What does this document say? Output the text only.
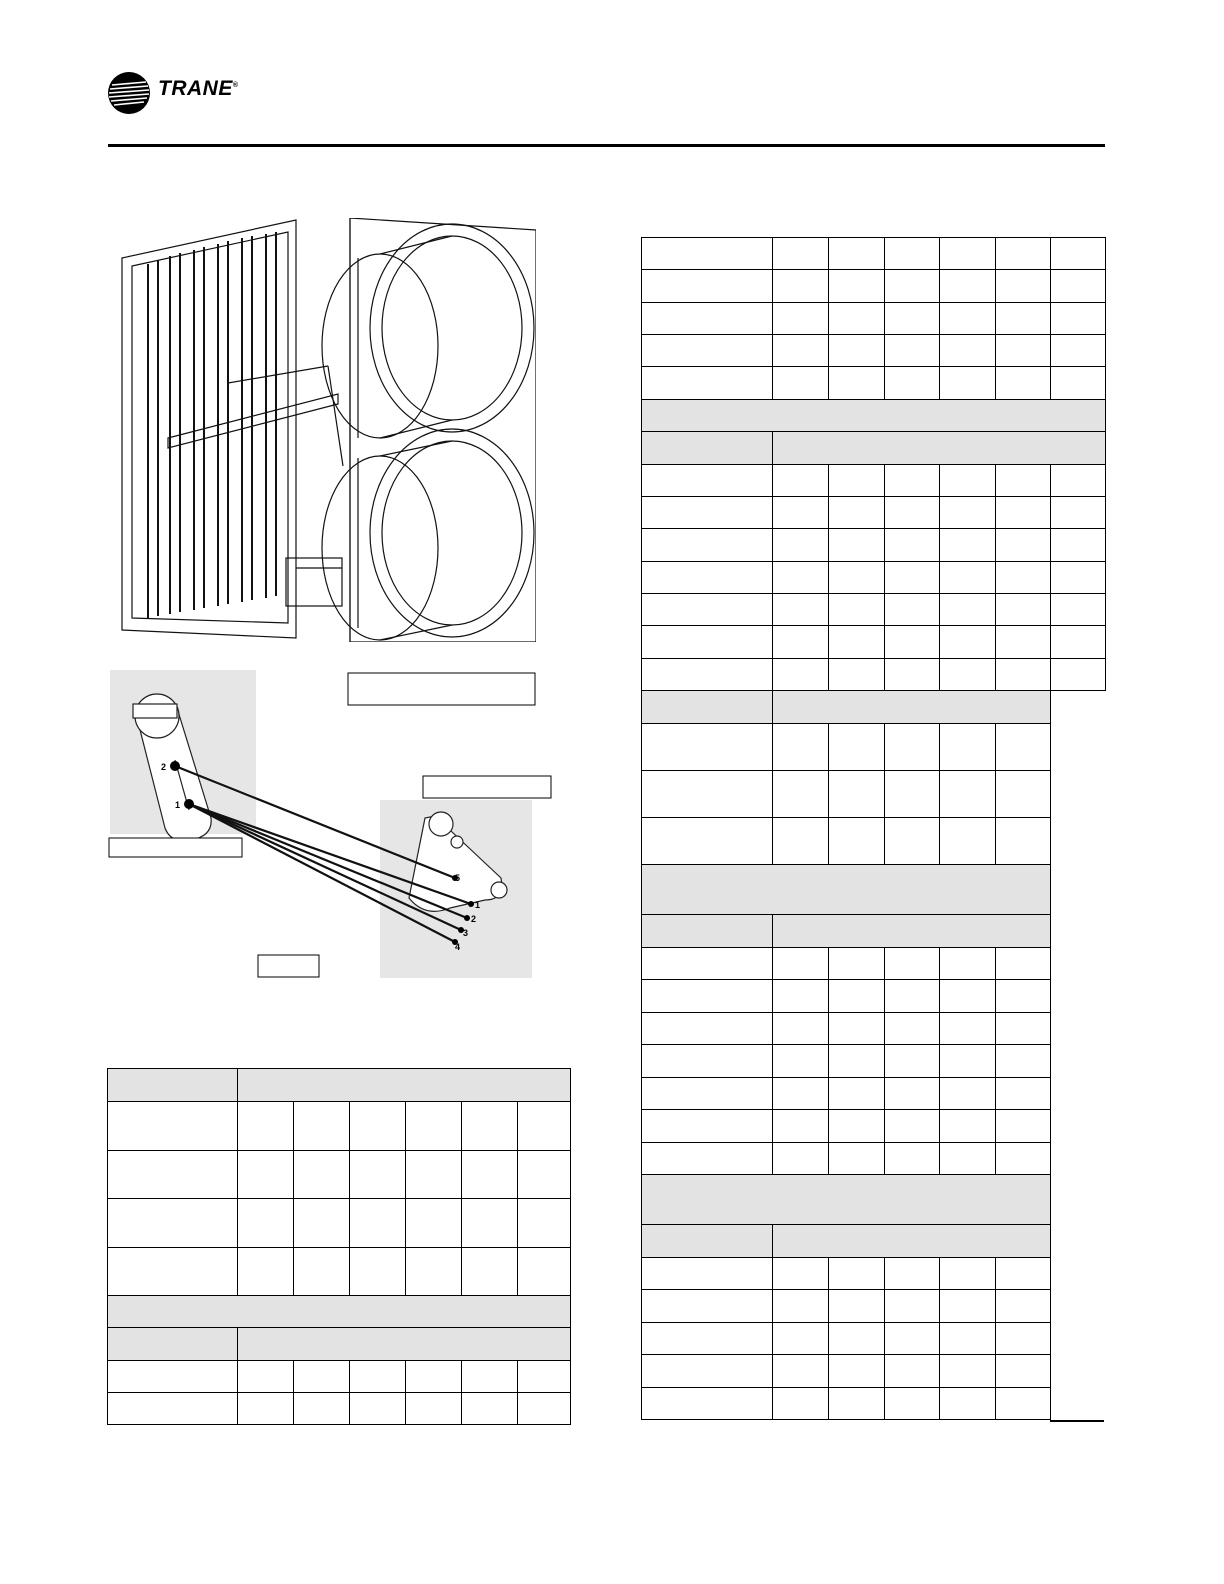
TRANE®
2
1
5
1
2
3
4
